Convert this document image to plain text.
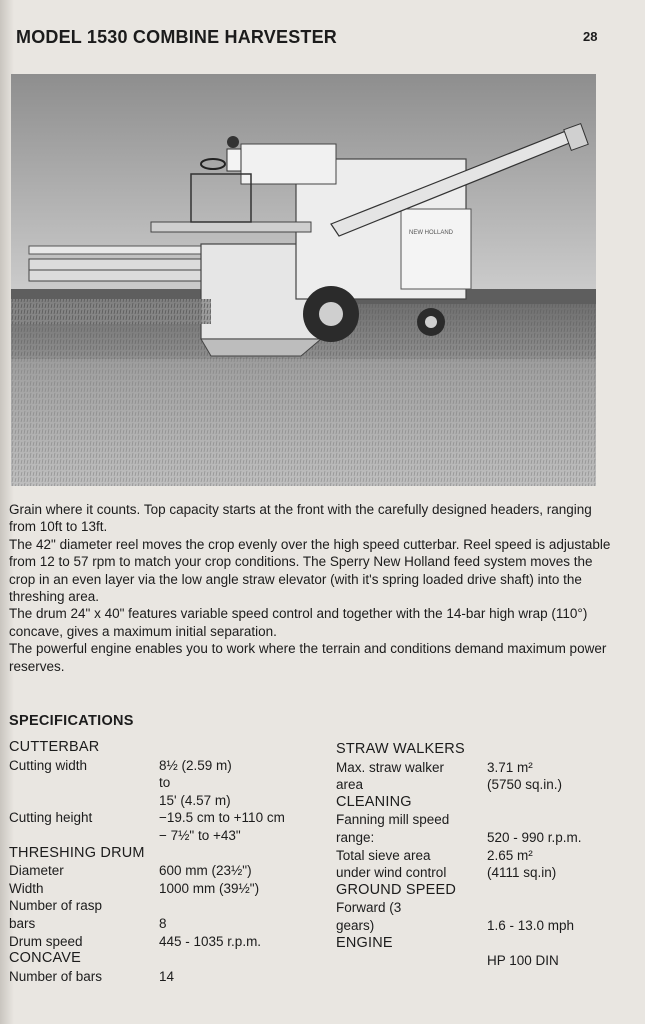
MODEL 1530 COMBINE HARVESTER	28
NEW HOLLAND

Grain where it counts. Top capacity starts at the front with the carefully designed headers, ranging from 10ft to 13ft.

The 42" diameter reel moves the crop evenly over the high speed cutterbar. Reel speed is adjustable from 12 to 57 rpm to match your crop conditions. The Sperry New Holland feed system moves the crop in an even layer via the low angle straw elevator (with it's spring loaded drive shaft) into the threshing area.

The drum 24" x 40" features variable speed control and together with the 14-bar high wrap (110°) concave, gives a maximum initial separation.

The powerful engine enables you to work where the terrain and conditions demand maximum power reserves.

SPECIFICATIONS
CUTTERBAR
Cutting width
Cutting height
THRESHING DRUM
Diameter
Width
Number of rasp
bars
Drum speed
CONCAVE
Number of bars
8½ (2.59 m)
to
15' (4.57 m)
−19.5 cm to +110 cm
− 7½" to +43"
600 mm (23½")
1000 mm (39½")
8
445 - 1035 r.p.m.
14
STRAW WALKERS
Max. straw walker
area
CLEANING
Fanning mill speed
range:
Total sieve area
under wind control
GROUND SPEED
Forward (3
gears)
ENGINE
3.71 m²
(5750 sq.in.)
520 - 990 r.p.m.
2.65 m²
(4111 sq.in)
1.6 - 13.0 mph
HP 100 DIN
